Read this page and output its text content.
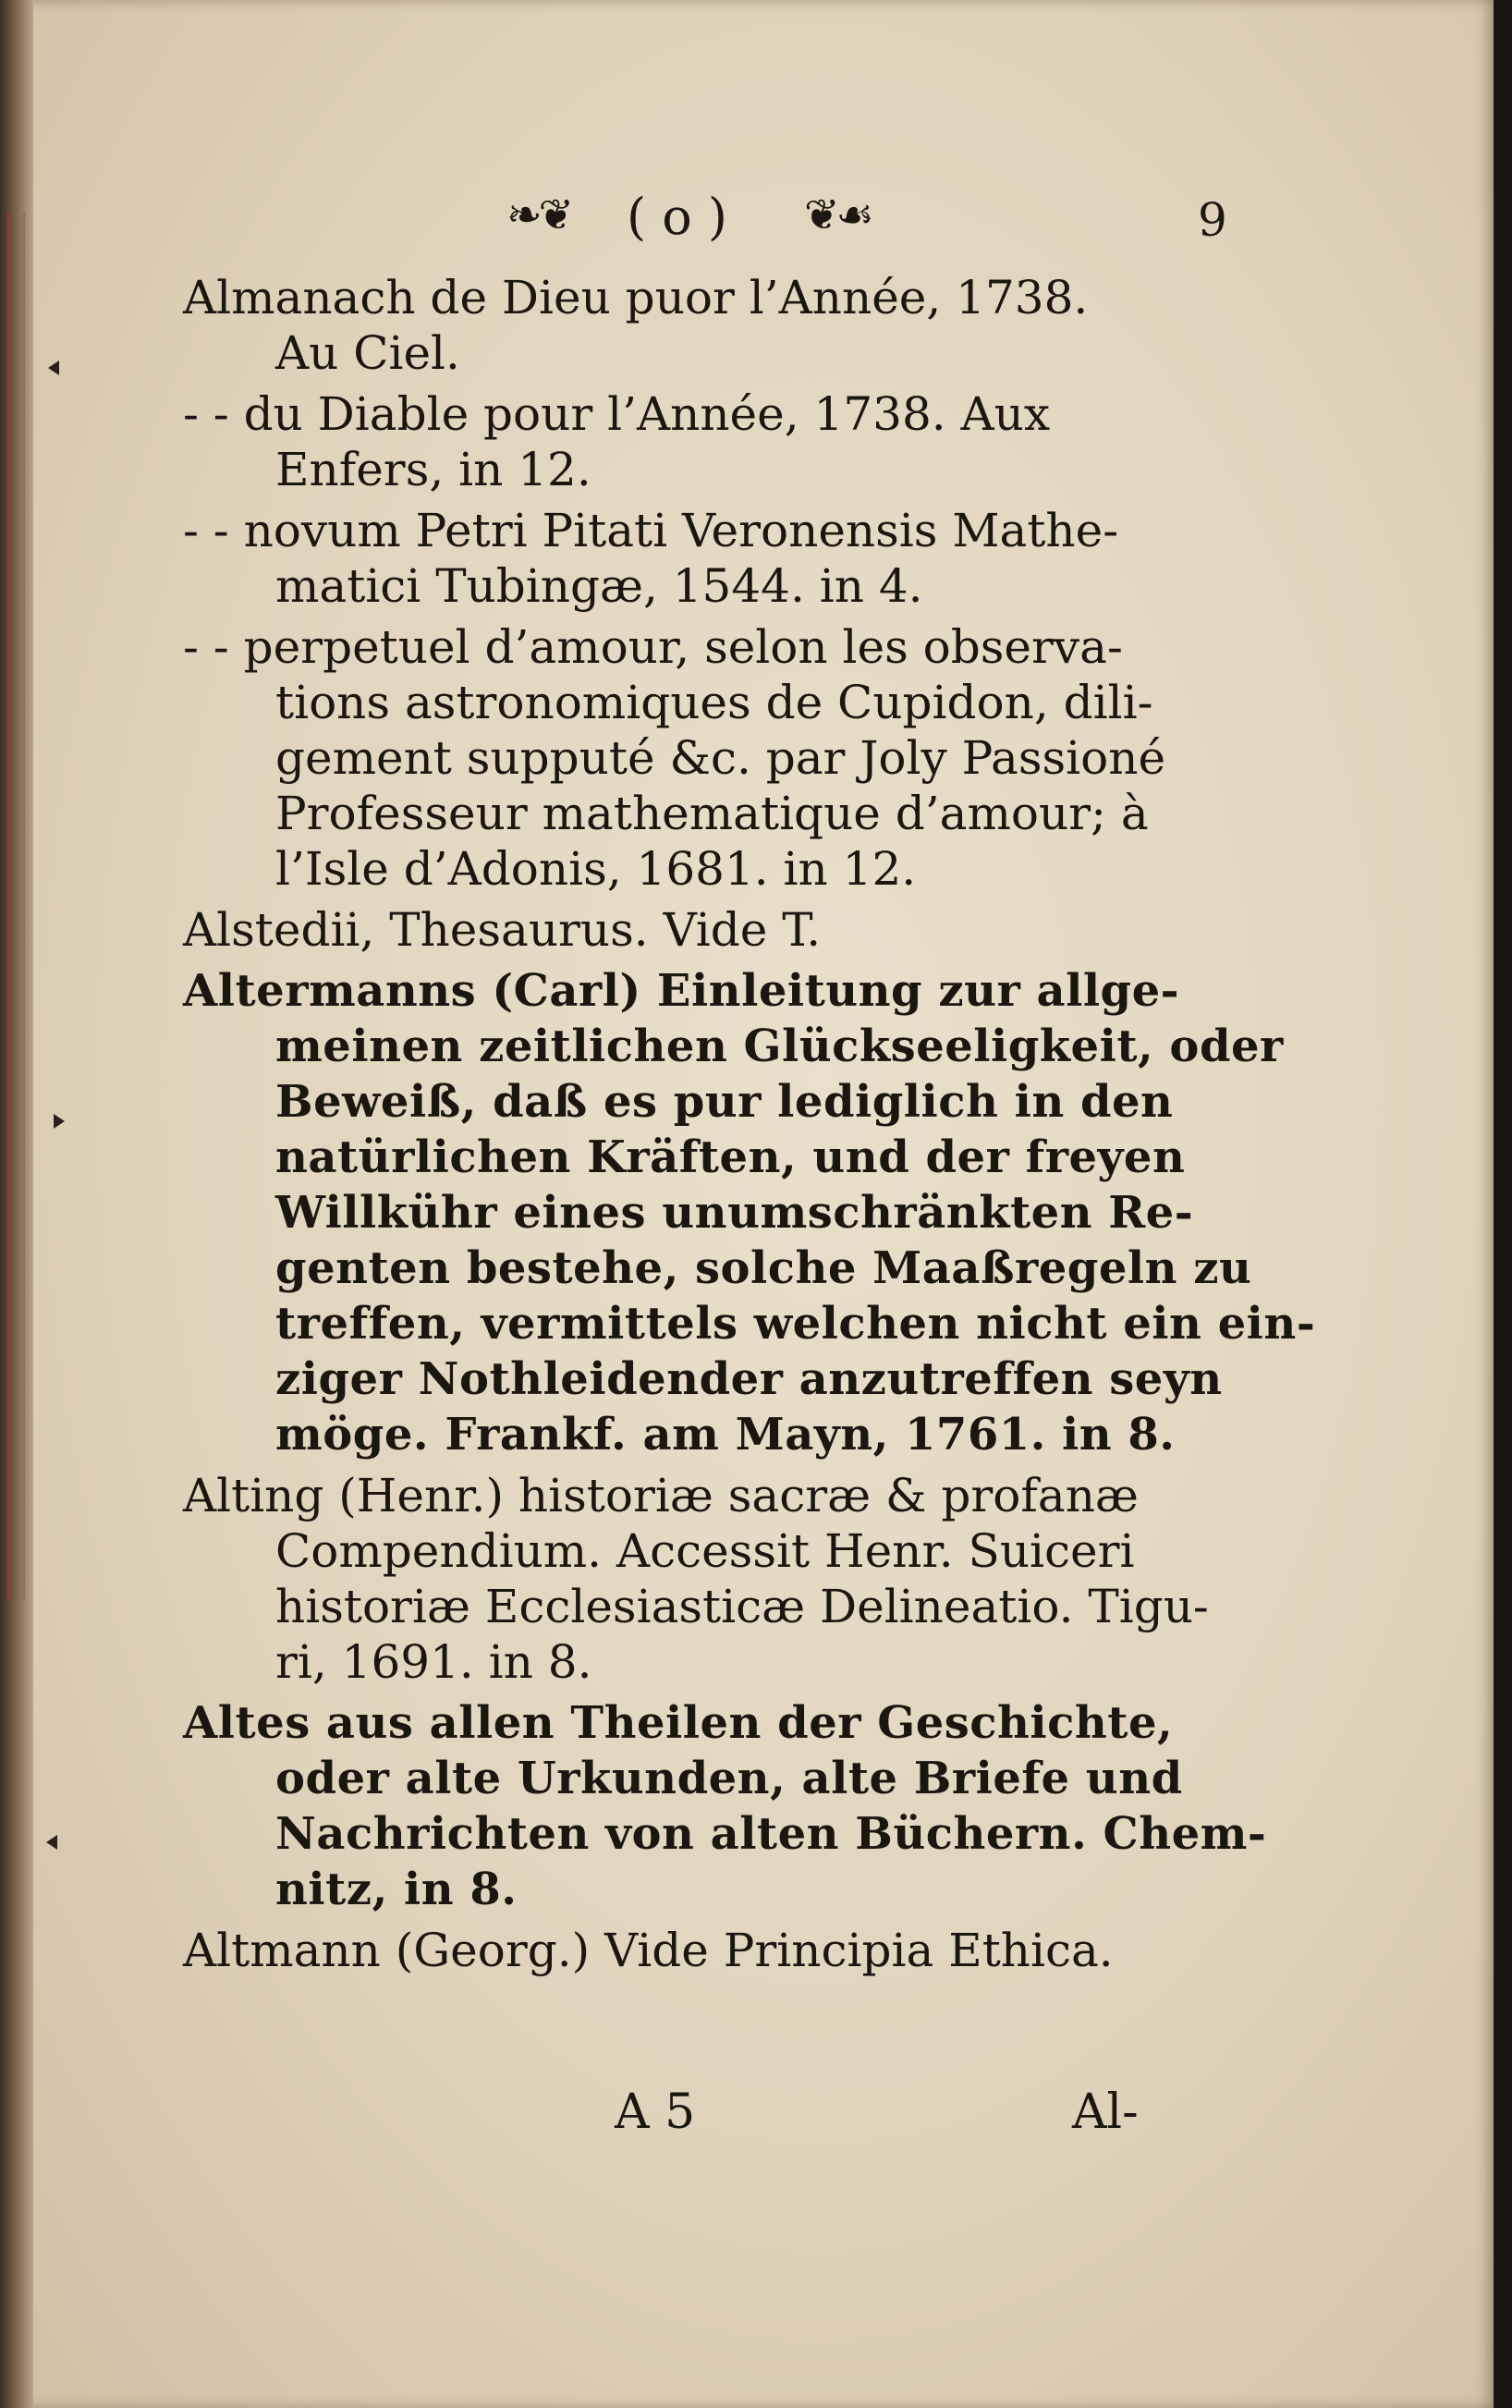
❧❦ ( o ) ❦☙	9
Almanach de Dieu puor l’Année, 1738.
Au Ciel.
- - du Diable pour l’Année, 1738. Aux
Enfers, in 12.
- - novum Petri Pitati Veronensis Mathe-
matici Tubingæ, 1544. in 4.
- - perpetuel d’amour, selon les observa-
tions astronomiques de Cupidon, dili-
gement supputé &c. par Joly Passioné
Professeur mathematique d’amour; à
l’Isle d’Adonis, 1681. in 12.
Alstedii, Thesaurus. Vide T.
Altermanns (Carl) Einleitung zur allge-
meinen zeitlichen Glückseeligkeit, oder
Beweiß, daß es pur lediglich in den
natürlichen Kräften, und der freyen
Willkühr eines unumschränkten Re-
genten bestehe, solche Maaßregeln zu
treffen, vermittels welchen nicht ein ein-
ziger Nothleidender anzutreffen seyn
möge. Frankf. am Mayn, 1761. in 8.
Alting (Henr.) historiæ sacræ & profanæ
Compendium. Accessit Henr. Suiceri
historiæ Ecclesiasticæ Delineatio. Tigu-
ri, 1691. in 8.
Altes aus allen Theilen der Geschichte,
oder alte Urkunden, alte Briefe und
Nachrichten von alten Büchern. Chem-
nitz, in 8.
Altmann (Georg.) Vide Principia Ethica.
A 5	Al-
